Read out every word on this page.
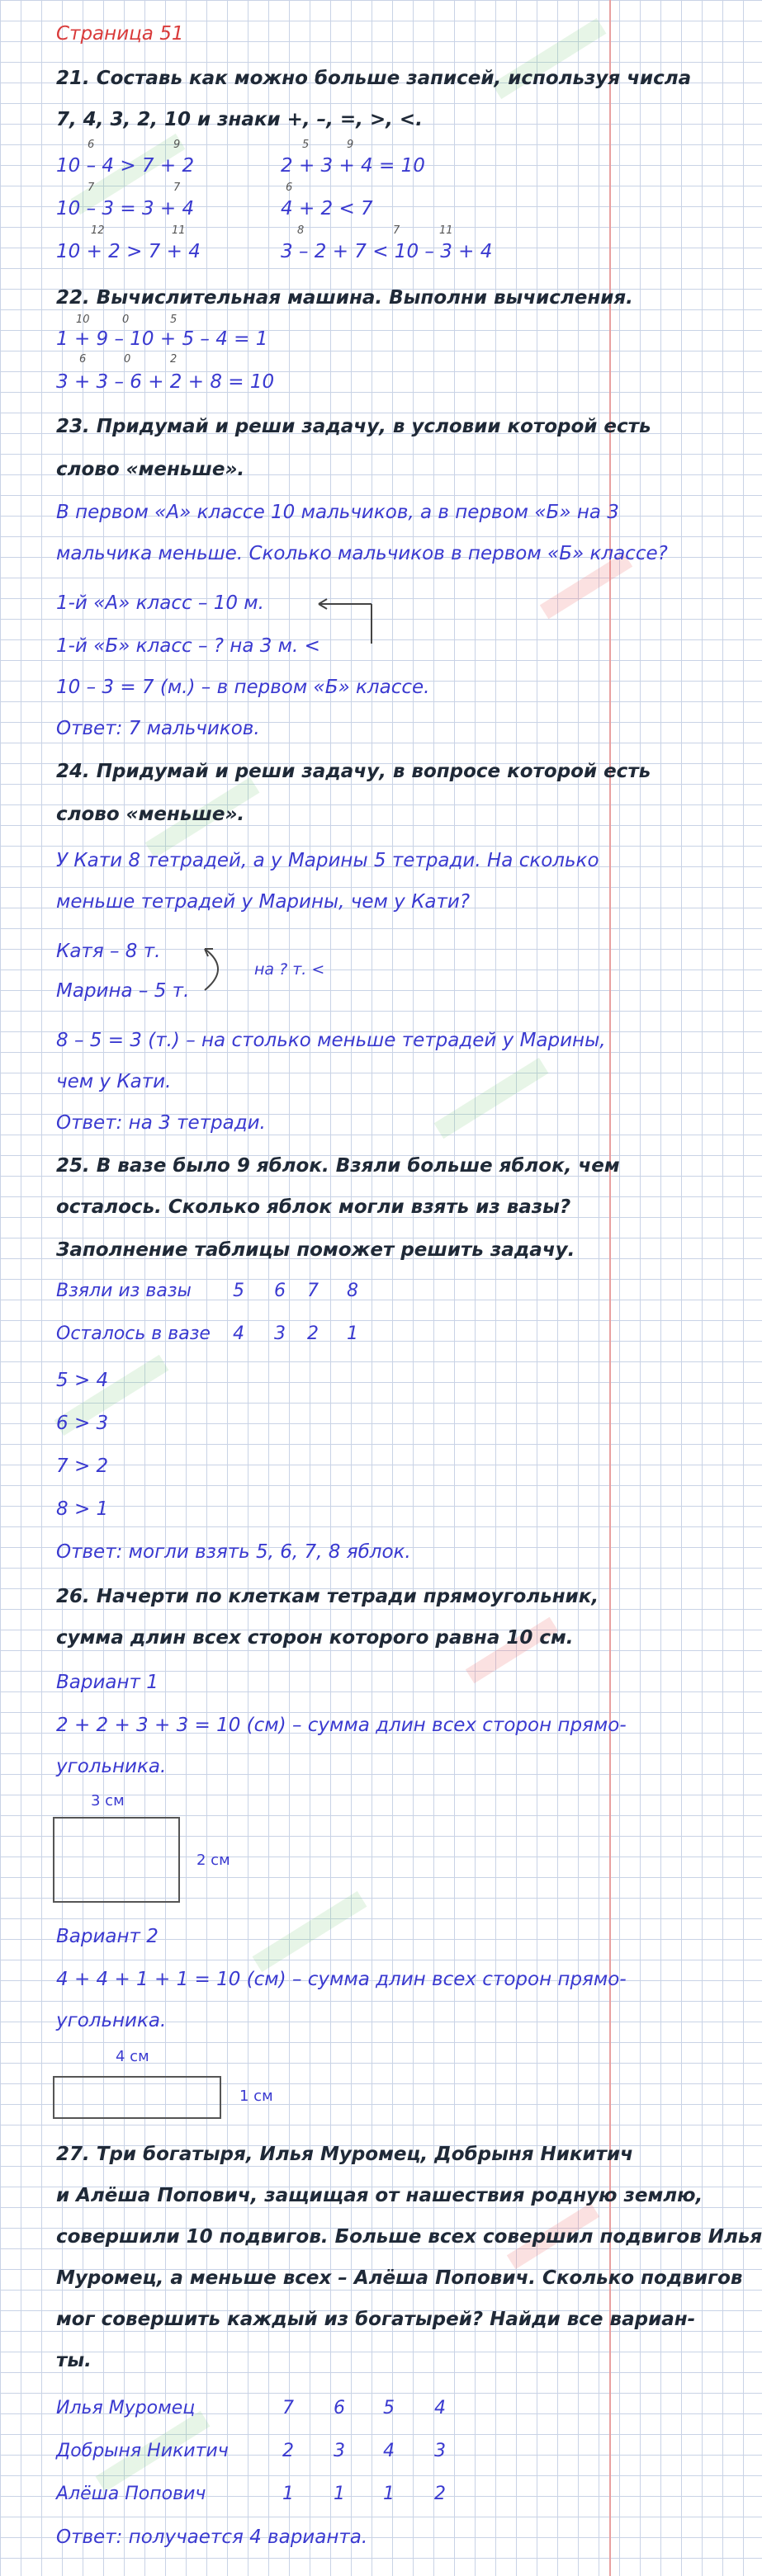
Страница 51
21. Составь как можно больше записей, используя числа
7, 4, 3, 2, 10 и знаки +, –, =, >, <.
6	9	5	9
10 – 4 > 7 + 2	2 + 3 + 4 = 10
7	7	6
10 – 3 = 3 + 4	4 + 2 < 7
12	11	8	7	11
10 + 2 > 7 + 4	3 – 2 + 7 < 10 – 3 + 4
22. Вычислительная машина. Выполни вычисления.
10	0	5
1 + 9 – 10 + 5 – 4 = 1
6	0	2
3 + 3 – 6 + 2 + 8 = 10
23. Придумай и реши задачу, в условии которой есть
слово «меньше».
В первом «А» классе 10 мальчиков, а в первом «Б» на 3
мальчика меньше. Сколько мальчиков в первом «Б» классе?
1-й «А» класс – 10 м.
1-й «Б» класс – ? на 3 м. <
10 – 3 = 7 (м.) – в первом «Б» классе.
Ответ: 7 мальчиков.
24. Придумай и реши задачу, в вопросе которой есть
слово «меньше».
У Кати 8 тетрадей, а у Марины 5 тетради. На сколько
меньше тетрадей у Марины, чем у Кати?
Катя – 8 т.
Марина – 5 т.
на ? т. <
8 – 5 = 3 (т.) – на столько меньше тетрадей у Марины,
чем у Кати.
Ответ: на 3 тетради.
25. В вазе было 9 яблок. Взяли больше яблок, чем
осталось. Сколько яблок могли взять из вазы?
Заполнение таблицы поможет решить задачу.
Взяли из вазы 5 6 7 8
Осталось в вазе 4 3 2 1
5 > 4
6 > 3
7 > 2
8 > 1
Ответ: могли взять 5, 6, 7, 8 яблок.
26. Начерти по клеткам тетради прямоугольник,
сумма длин всех сторон которого равна 10 см.
Вариант 1
2 + 2 + 3 + 3 = 10 (см) – сумма длин всех сторон прямо-
угольника.
3 см
2 см
Вариант 2
4 + 4 + 1 + 1 = 10 (см) – сумма длин всех сторон прямо-
угольника.
4 см
1 см
27. Три богатыря, Илья Муромец, Добрыня Никитич
и Алёша Попович, защищая от нашествия родную землю,
совершили 10 подвигов. Больше всех совершил подвигов Илья
Муромец, а меньше всех – Алёша Попович. Сколько подвигов
мог совершить каждый из богатырей? Найди все вариан-
ты.
Илья Муромец	7 6 5 4
Добрыня Никитич	2 3 4 3
Алёша Попович	1 1 1 2
Ответ: получается 4 варианта.
